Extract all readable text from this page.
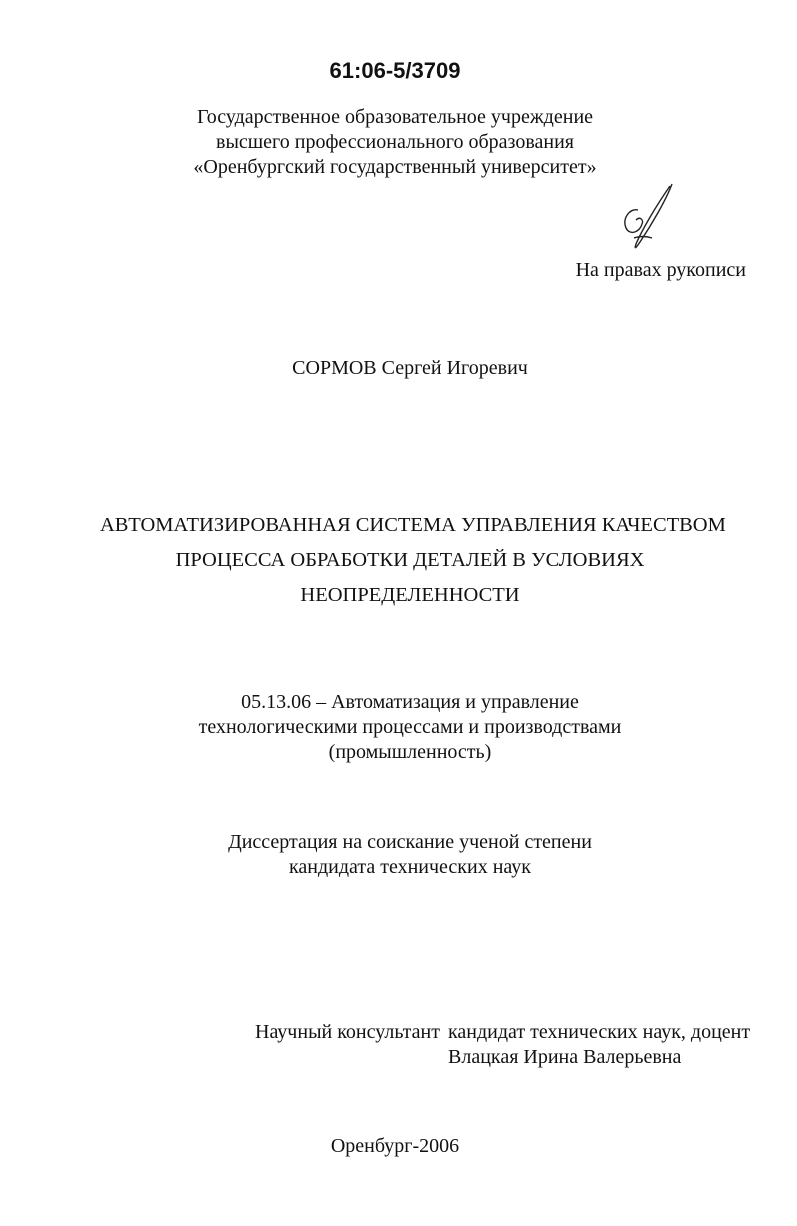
61:06-5/3709
Государственное образовательное учреждение
высшего профессионального образования
«Оренбургский государственный университет»
На правах рукописи
СОРМОВ Сергей Игоревич
АВТОМАТИЗИРОВАННАЯ СИСТЕМА УПРАВЛЕНИЯ КАЧЕСТВОМ
ПРОЦЕССА ОБРАБОТКИ ДЕТАЛЕЙ В УСЛОВИЯХ
НЕОПРЕДЕЛЕННОСТИ
05.13.06 – Автоматизация и управление
технологическими процессами и производствами
(промышленность)
Диссертация на соискание ученой степени
кандидата технических наук
Научный консультант кандидат технических наук, доцент
Влацкая Ирина Валерьевна
Оренбург-2006
